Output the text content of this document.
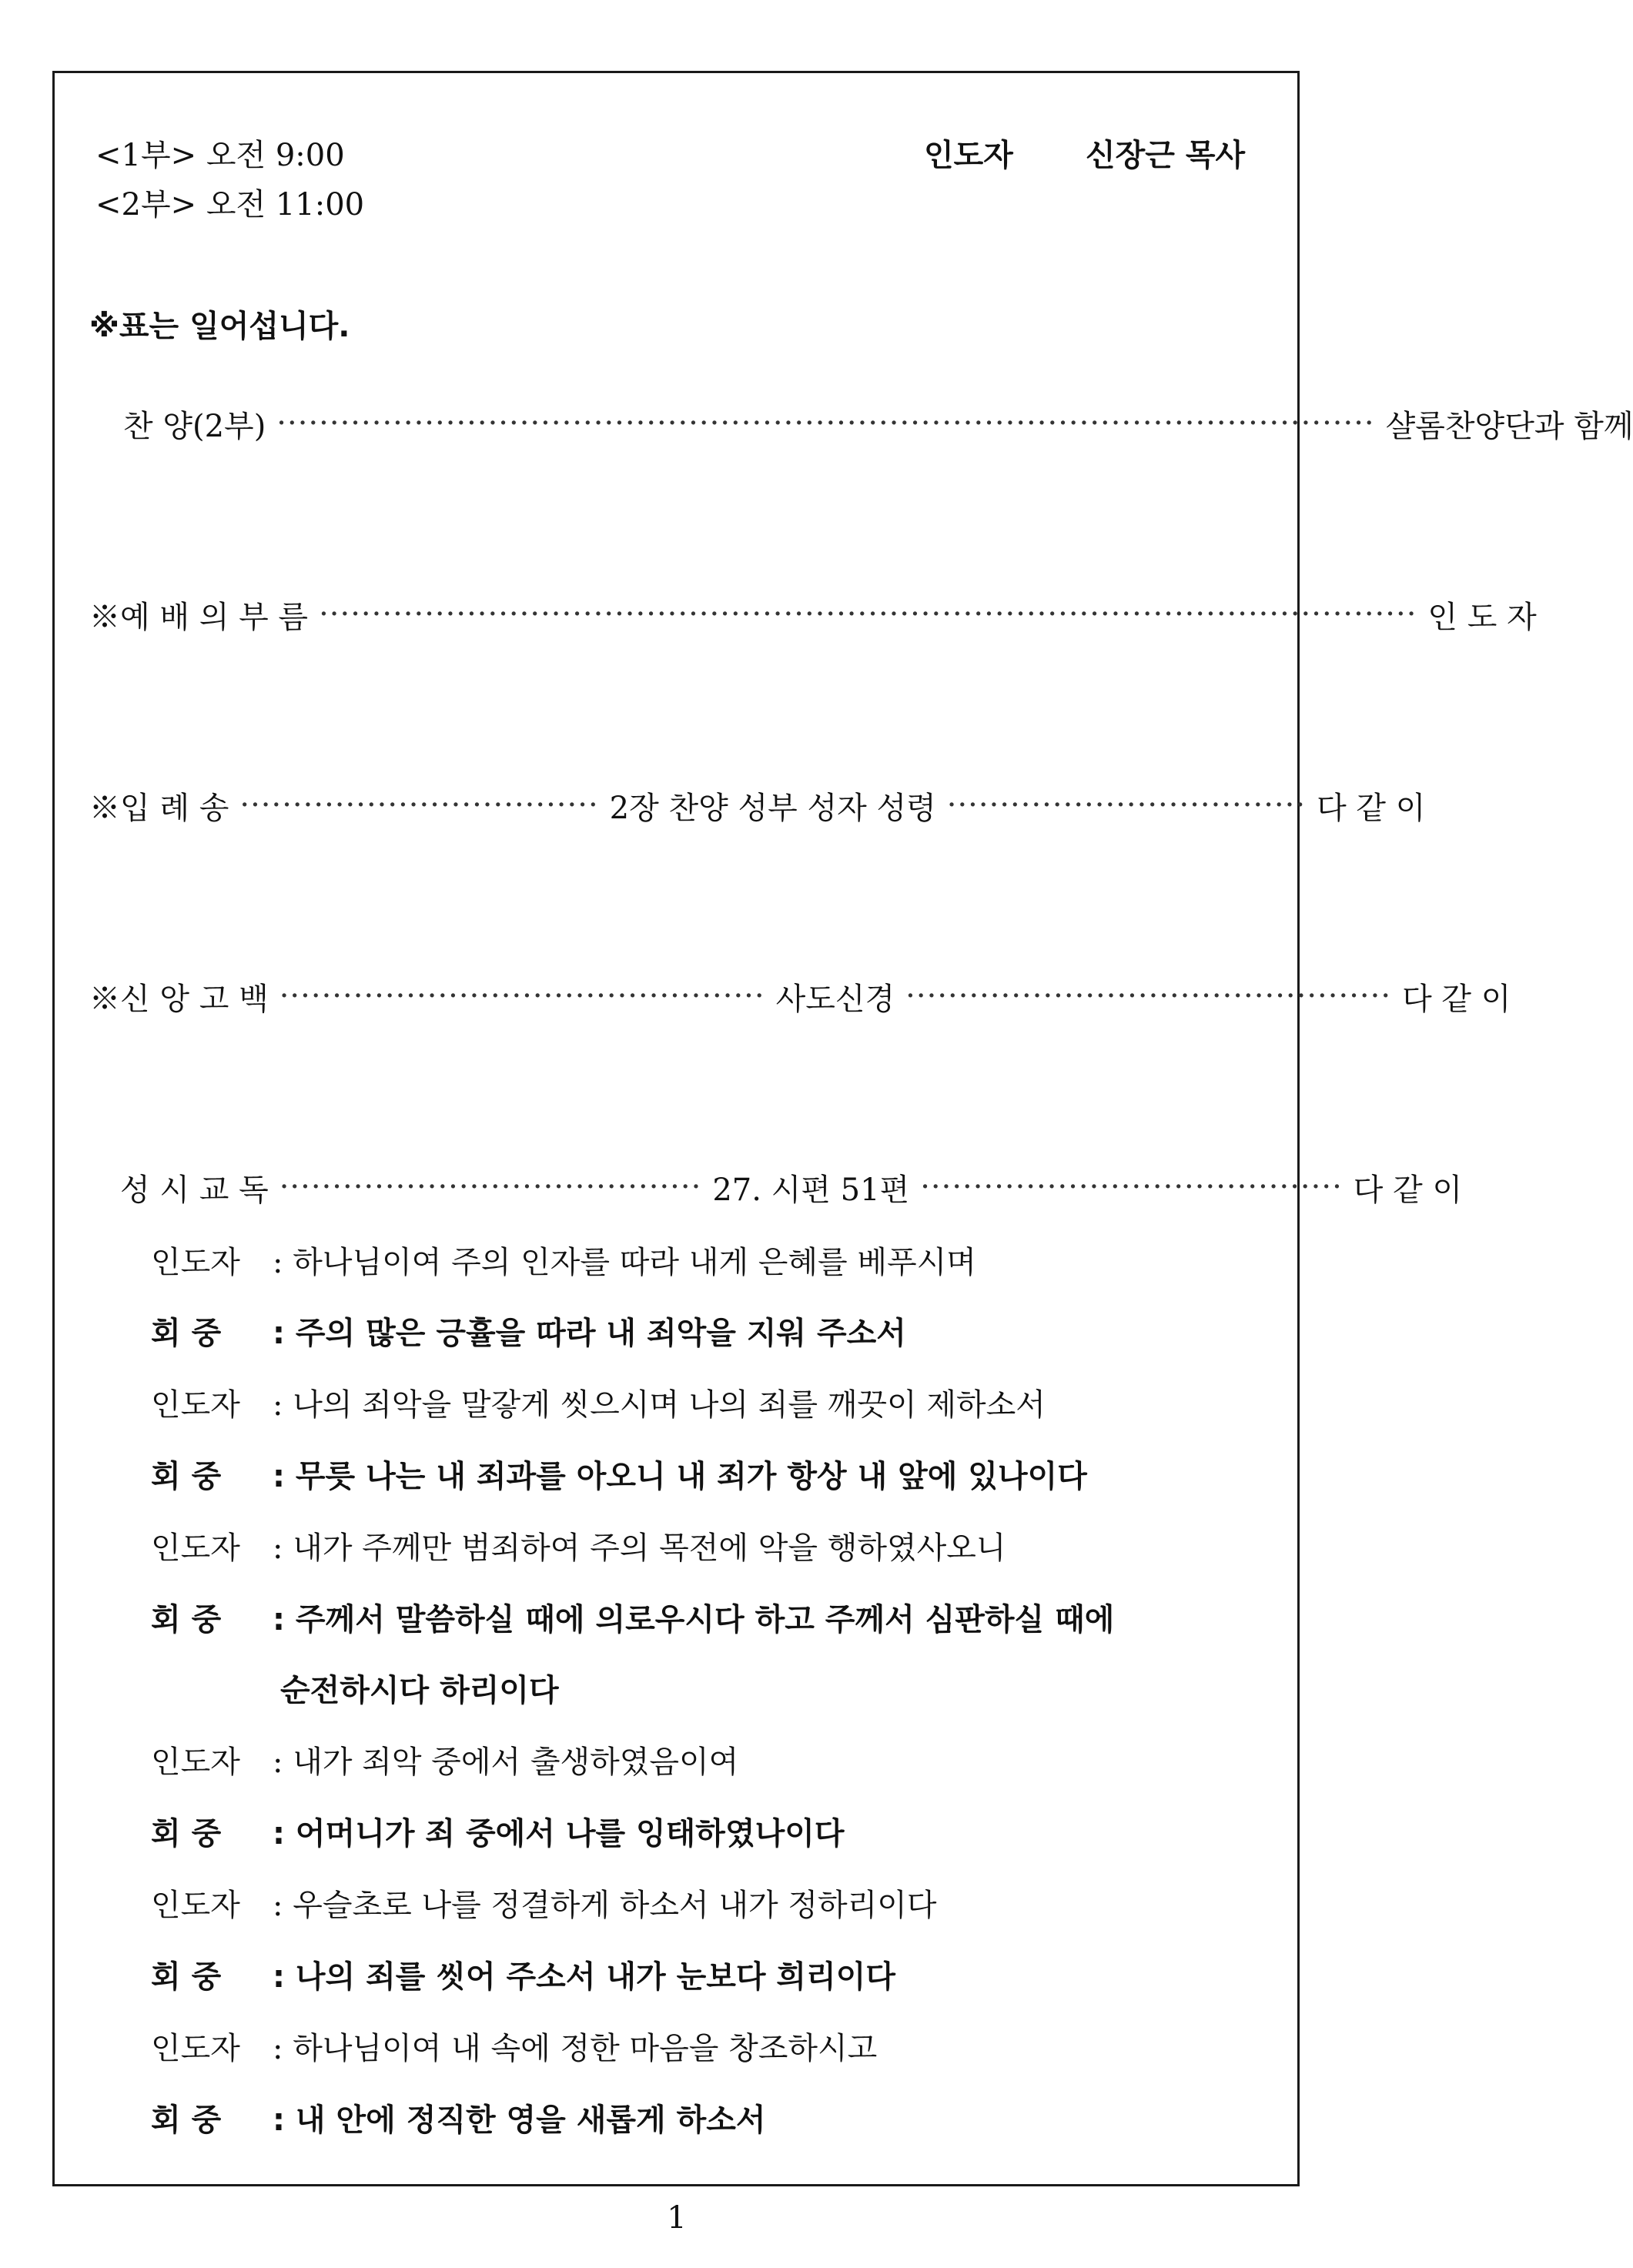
<1부> 오전 9:00
<2부> 오전 11:00
인도자 신장근 목사
※표는 일어섭니다.
찬 양(2부) ········································································································ 샬롬찬양단과 함께
※예 배 의 부 름 ········································································································ 인 도 자
※입 례 송 ·································· 2장 찬양 성부 성자 성령 ·································· 다 같 이
※신 앙 고 백 ·············································· 사도신경 ·············································· 다 같 이
성 시 교 독 ········································ 27. 시편 51편 ········································ 다 같 이
인도자 : 하나님이여 주의 인자를 따라 내게 은혜를 베푸시며
회 중 : 주의 많은 긍휼을 따라 내 죄악을 지워 주소서
인도자 : 나의 죄악을 말갛게 씻으시며 나의 죄를 깨끗이 제하소서
회 중 : 무릇 나는 내 죄과를 아오니 내 죄가 항상 내 앞에 있나이다
인도자 : 내가 주께만 범죄하여 주의 목전에 악을 행하였사오니
회 중 : 주께서 말씀하실 때에 의로우시다 하고 주께서 심판하실 때에
순전하시다 하리이다
인도자 : 내가 죄악 중에서 출생하였음이여
회 중 : 어머니가 죄 중에서 나를 잉태하였나이다
인도자 : 우슬초로 나를 정결하게 하소서 내가 정하리이다
회 중 : 나의 죄를 씻어 주소서 내가 눈보다 희리이다
인도자 : 하나님이여 내 속에 정한 마음을 창조하시고
회 중 : 내 안에 정직한 영을 새롭게 하소서
1
